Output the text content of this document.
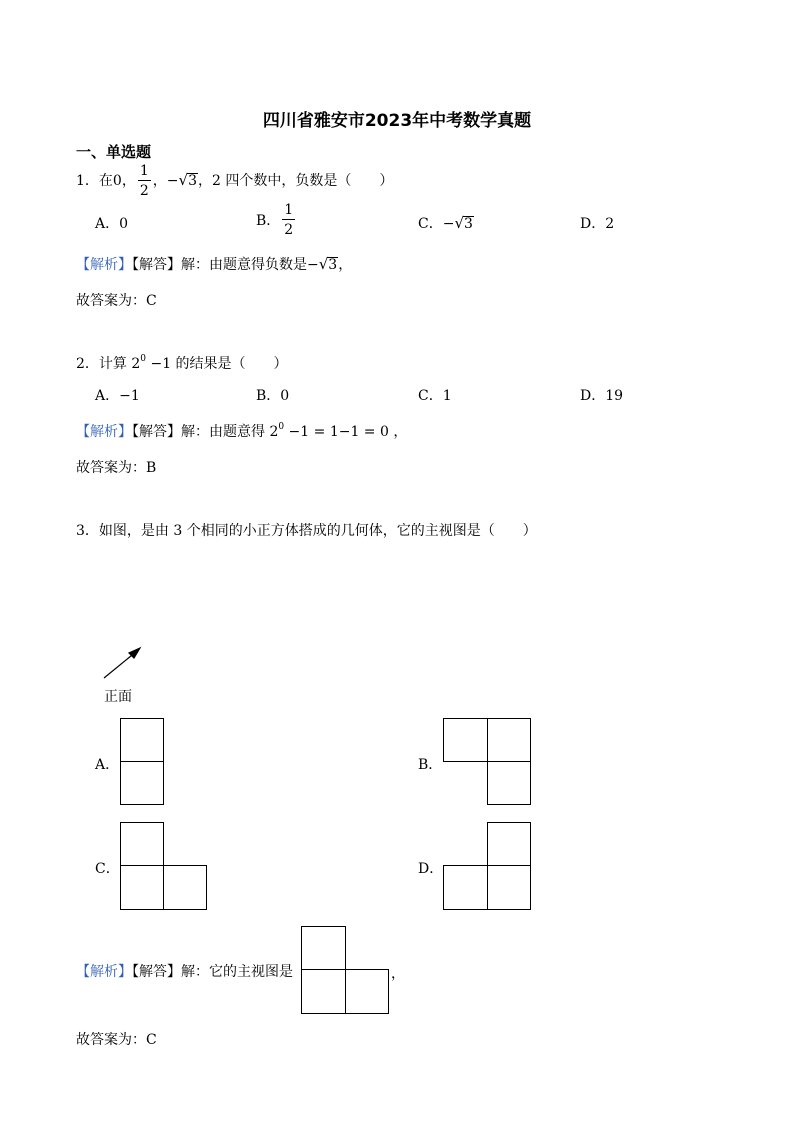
四川省雅安市2023年中考数学真题
一、单选题
1．在0， $\frac{1}{2}$ ，−√3，2 四个数中，负数是（　　）
A．0	B． $\frac{1}{2}$	C．−√3	D．2
【解析】【解答】解：由题意得负数是−√3，
故答案为：C
2．计算 $2^0 -1$ 的结果是（　　）
A．−1	B．0	C．1	D．19
【解析】【解答】解：由题意得 $2^0 -1 = 1-1 = 0$ ，
故答案为：B
3．如图，是由 3 个相同的小正方体搭成的几何体，它的主视图是（　　）
正面
A．	B．
C．	D．
【解析】【解答】解：它的主视图是	，
故答案为：C
